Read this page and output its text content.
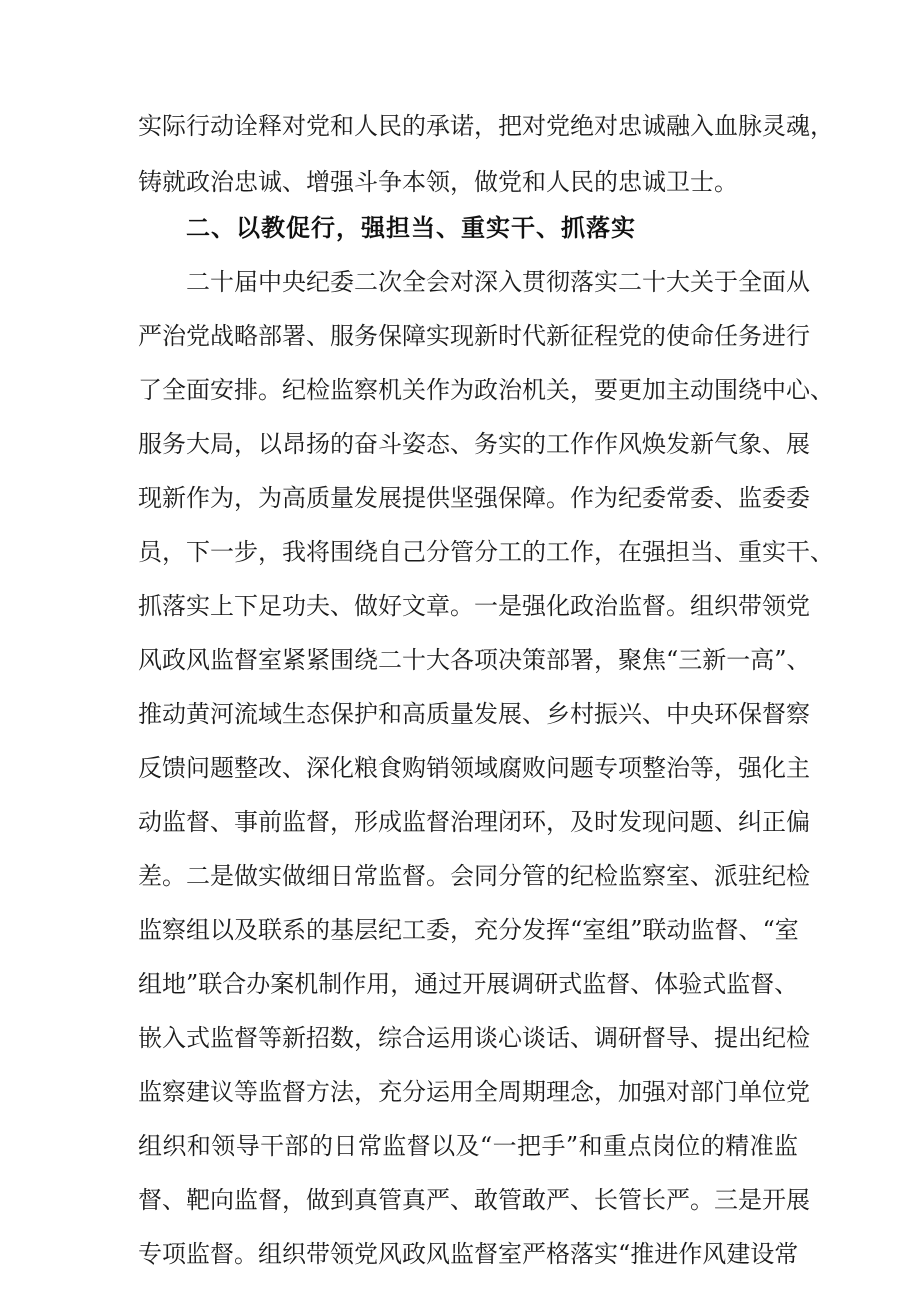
实际行动诠释对党和人民的承诺，把对党绝对忠诚融入血脉灵魂，
铸就政治忠诚、增强斗争本领，做党和人民的忠诚卫士。
二、以教促行，强担当、重实干、抓落实
二十届中央纪委二次全会对深入贯彻落实二十大关于全面从
严治党战略部署、服务保障实现新时代新征程党的使命任务进行
了全面安排。纪检监察机关作为政治机关，要更加主动围绕中心、
服务大局，以昂扬的奋斗姿态、务实的工作作风焕发新气象、展
现新作为，为高质量发展提供坚强保障。作为纪委常委、监委委
员，下一步，我将围绕自己分管分工的工作，在强担当、重实干、
抓落实上下足功夫、做好文章。一是强化政治监督。组织带领党
风政风监督室紧紧围绕二十大各项决策部署，聚焦“三新一高”、
推动黄河流域生态保护和高质量发展、乡村振兴、中央环保督察
反馈问题整改、深化粮食购销领域腐败问题专项整治等，强化主
动监督、事前监督，形成监督治理闭环，及时发现问题、纠正偏
差。二是做实做细日常监督。会同分管的纪检监察室、派驻纪检
监察组以及联系的基层纪工委，充分发挥“室组”联动监督、“室
组地”联合办案机制作用，通过开展调研式监督、体验式监督、
嵌入式监督等新招数，综合运用谈心谈话、调研督导、提出纪检
监察建议等监督方法，充分运用全周期理念，加强对部门单位党
组织和领导干部的日常监督以及“一把手”和重点岗位的精准监
督、靶向监督，做到真管真严、敢管敢严、长管长严。三是开展
专项监督。组织带领党风政风监督室严格落实“推进作风建设常
